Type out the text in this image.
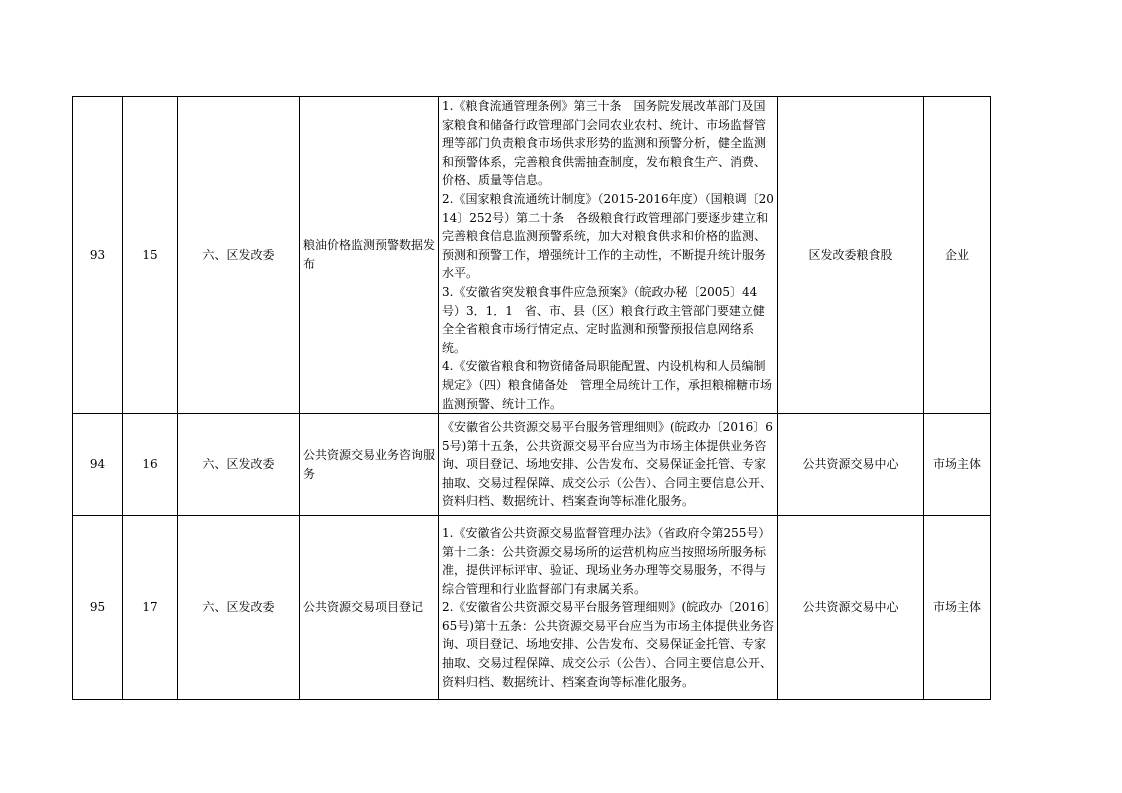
93	15	六、区发改委	粮油价格监测预警数据发布	1.《粮食流通管理条例》第三十条　国务院发展改革部门及国家粮食和储备行政管理部门会同农业农村、统计、市场监督管理等部门负责粮食市场供求形势的监测和预警分析，健全监测和预警体系，完善粮食供需抽查制度，发布粮食生产、消费、价格、质量等信息。
2.《国家粮食流通统计制度》（2015-2016年度）（国粮调〔2014〕252号）第二十条　各级粮食行政管理部门要逐步建立和完善粮食信息监测预警系统，加大对粮食供求和价格的监测、预测和预警工作，增强统计工作的主动性，不断提升统计服务水平。
3.《安徽省突发粮食事件应急预案》（皖政办秘〔2005〕44号）3．1．1　省、市、县（区）粮食行政主管部门要建立健全全省粮食市场行情定点、定时监测和预警预报信息网络系统。
4.《安徽省粮食和物资储备局职能配置、内设机构和人员编制规定》（四）粮食储备处　管理全局统计工作，承担粮棉糖市场监测预警、统计工作。	区发改委粮食股	企业
94	16	六、区发改委	公共资源交易业务咨询服务	《安徽省公共资源交易平台服务管理细则》(皖政办〔2016〕65号)第十五条，公共资源交易平台应当为市场主体提供业务咨询、项目登记、场地安排、公告发布、交易保证金托管、专家抽取、交易过程保障、成交公示（公告）、合同主要信息公开、资料归档、数据统计、档案查询等标准化服务。	公共资源交易中心	市场主体
95	17	六、区发改委	公共资源交易项目登记	1.《安徽省公共资源交易监督管理办法》（省政府令第255号）第十二条：公共资源交易场所的运营机构应当按照场所服务标准，提供评标评审、验证、现场业务办理等交易服务，不得与综合管理和行业监督部门有隶属关系。
2.《安徽省公共资源交易平台服务管理细则》(皖政办〔2016〕65号)第十五条：公共资源交易平台应当为市场主体提供业务咨询、项目登记、场地安排、公告发布、交易保证金托管、专家抽取、交易过程保障、成交公示（公告）、合同主要信息公开、资料归档、数据统计、档案查询等标准化服务。	公共资源交易中心	市场主体
